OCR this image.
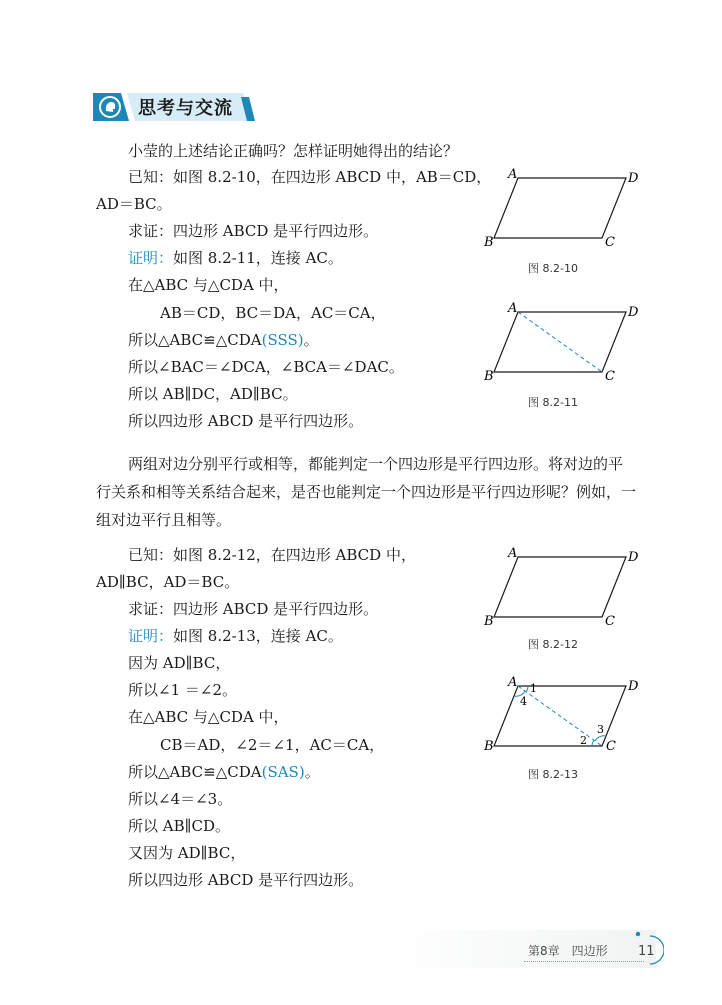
思考与交流
小莹的上述结论正确吗？怎样证明她得出的结论？
已知：如图 8.2-10，在四边形 ABCD 中，AB＝CD，
AD＝BC。
求证：四边形 ABCD 是平行四边形。
证明：如图 8.2-11，连接 AC。
在△ABC 与△CDA 中，
AB＝CD，BC＝DA，AC＝CA，
所以△ABC≌△CDA(SSS)。
所以∠BAC＝∠DCA，∠BCA＝∠DAC。
所以 AB∥DC，AD∥BC。
所以四边形 ABCD 是平行四边形。
A	D
B	C
图 8.2-10
A	D
B	C
图 8.2-11
两组对边分别平行或相等，都能判定一个四边形是平行四边形。将对边的平行关系和相等关系结合起来，是否也能判定一个四边形是平行四边形呢？例如，一组对边平行且相等。
已知：如图 8.2-12，在四边形 ABCD 中，
AD∥BC，AD＝BC。
求证：四边形 ABCD 是平行四边形。
证明：如图 8.2-13，连接 AC。
因为 AD∥BC，
所以∠1 ＝∠2。
在△ABC 与△CDA 中，
CB＝AD，∠2＝∠1，AC＝CA，
所以△ABC≌△CDA(SAS)。
所以∠4＝∠3。
所以 AB∥CD。
又因为 AD∥BC，
所以四边形 ABCD 是平行四边形。
A	D
B	C
图 8.2-12
A	D
B	C
1
4
2
3
图 8.2-13
第8章　四边形 11
